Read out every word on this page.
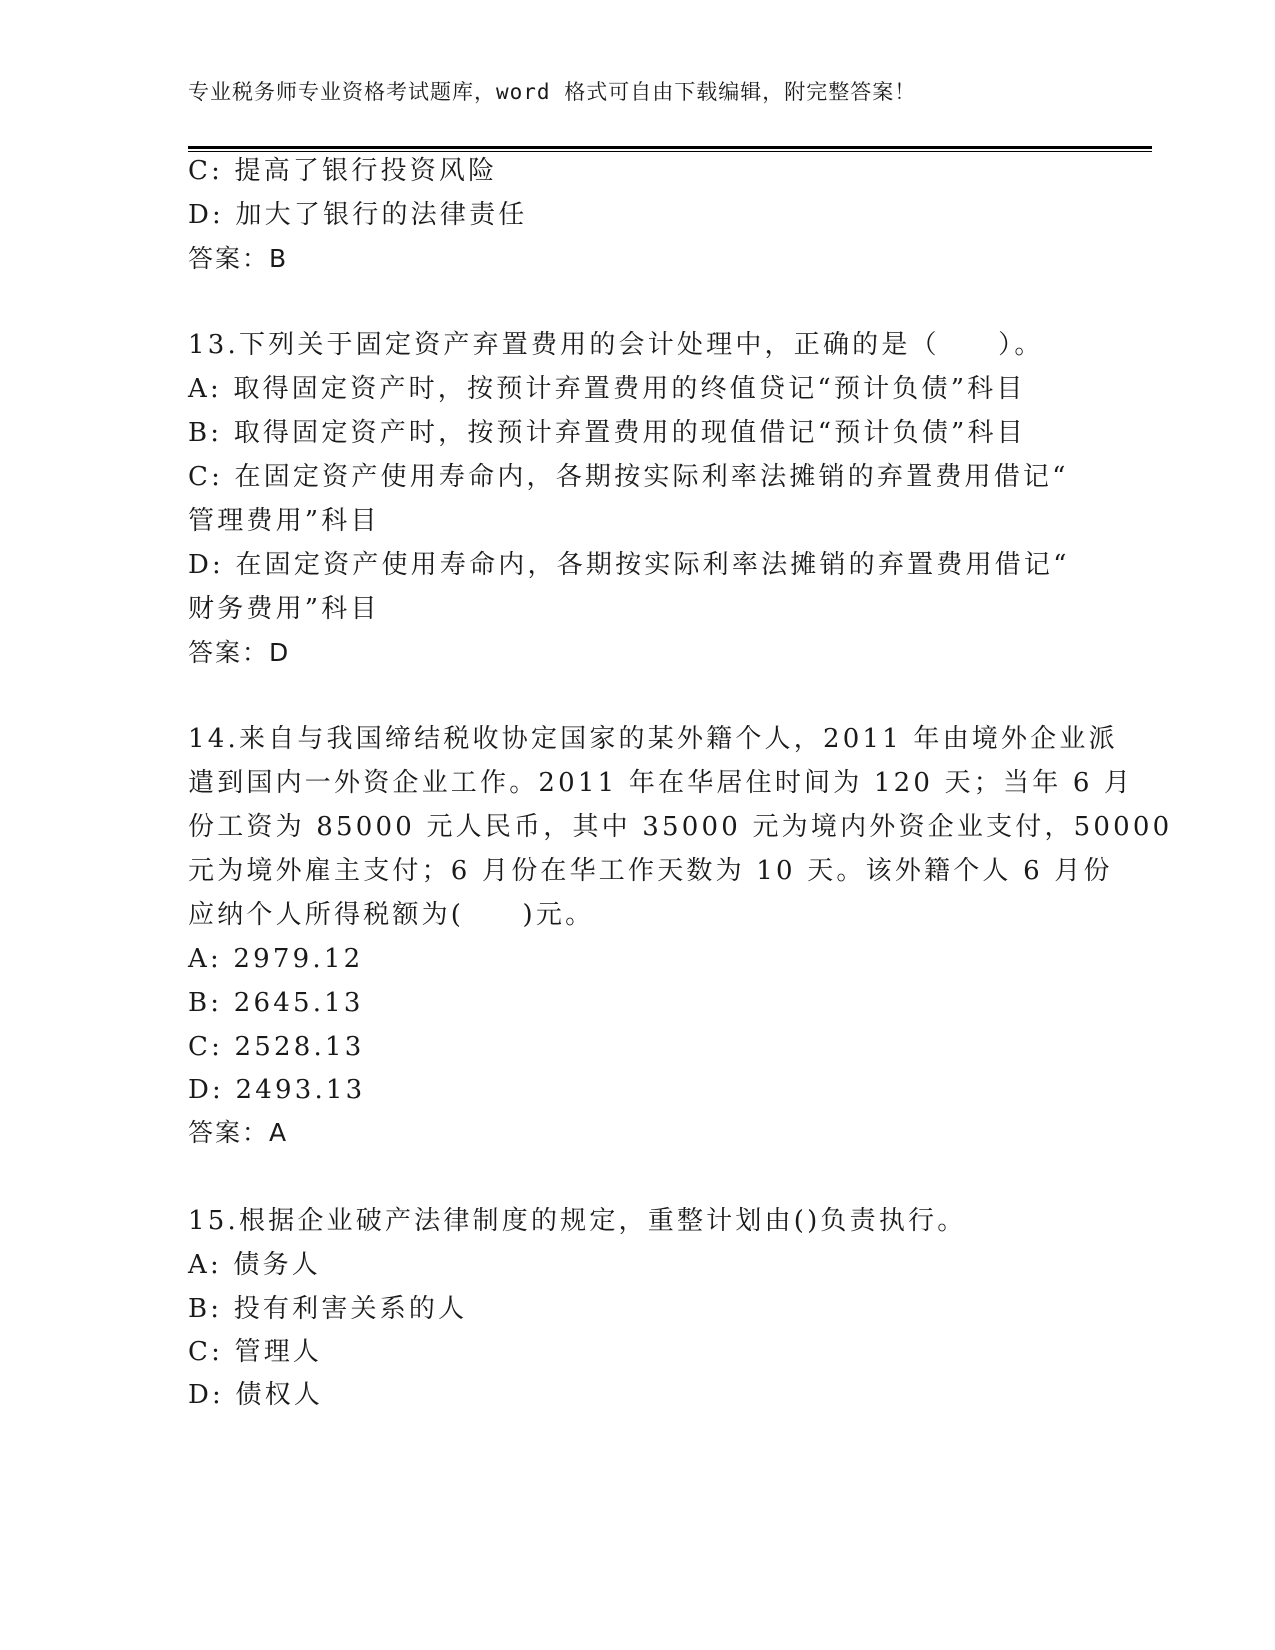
专业税务师专业资格考试题库，word 格式可自由下载编辑，附完整答案！
C: 提高了银行投资风险
D: 加大了银行的法律责任
答案：B
13.下列关于固定资产弃置费用的会计处理中，正确的是（　　）。
A: 取得固定资产时，按预计弃置费用的终值贷记“预计负债”科目
B: 取得固定资产时，按预计弃置费用的现值借记“预计负债”科目
C: 在固定资产使用寿命内，各期按实际利率法摊销的弃置费用借记“
管理费用”科目
D: 在固定资产使用寿命内，各期按实际利率法摊销的弃置费用借记“
财务费用”科目
答案：D
14.来自与我国缔结税收协定国家的某外籍个人，2011 年由境外企业派
遣到国内一外资企业工作。2011 年在华居住时间为 120 天；当年 6 月
份工资为 85000 元人民币，其中 35000 元为境内外资企业支付，50000
元为境外雇主支付；6 月份在华工作天数为 10 天。该外籍个人 6 月份
应纳个人所得税额为(　　)元。
A: 2979.12
B: 2645.13
C: 2528.13
D: 2493.13
答案：A
15.根据企业破产法律制度的规定，重整计划由()负责执行。
A: 债务人
B: 投有利害关系的人
C: 管理人
D: 债权人
